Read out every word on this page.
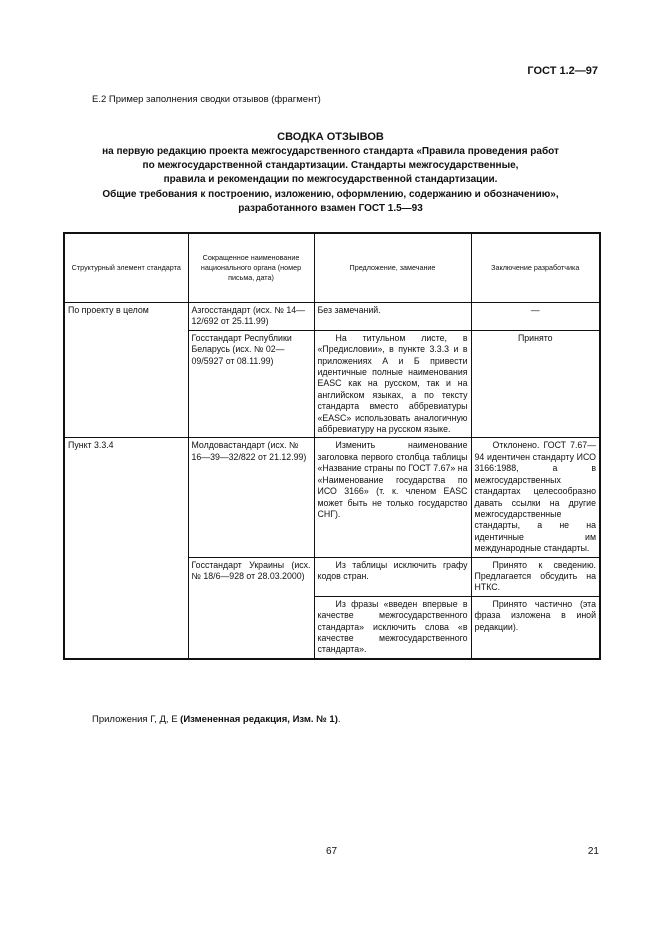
ГОСТ 1.2—97
Е.2 Пример заполнения сводки отзывов (фрагмент)
СВОДКА ОТЗЫВОВ
на первую редакцию проекта межгосударственного стандарта «Правила проведения работ
по межгосударственной стандартизации. Стандарты межгосударственные,
правила и рекомендации по межгосударственной стандартизации.
Общие требования к построению, изложению, оформлению, содержанию и обозначению»,
разработанного взамен ГОСТ 1.5—93
Структурный элемент стандарта	Сокращенное наименование национального органа (номер письма, дата)	Предложение, замечание	Заключение разработчика
По проекту в целом	Азгосстандарт (исх. № 14—12/692 от 25.11.99)	Без замечаний.	—
	Госстандарт Республики Беларусь (исх. № 02—09/5927 от 08.11.99)	На титульном листе, в «Предисловии», в пункте 3.3.3 и в приложениях А и Б привести идентичные полные наименования EASC как на русском, так и на английском языках, а по тексту стандарта вместо аббревиатуры «EASC» использовать аналогичную аббревиатуру на русском языке.	Принято
Пункт 3.3.4	Молдовастандарт (исх. № 16—39—32/822 от 21.12.99)	Изменить наименование заголовка первого столбца таблицы «Название страны по ГОСТ 7.67» на «Наименование государства по ИСО 3166» (т. к. членом EASC может быть не только государство СНГ).	Отклонено. ГОСТ 7.67—94 идентичен стандарту ИСО 3166:1988, а в межгосударственных стандартах целесообразно давать ссылки на другие межгосударственные стандарты, а не на идентичные им международные стандарты.
	Госстандарт Украины (исх. № 18/6—928 от 28.03.2000)	Из таблицы исключить графу кодов стран.	Принято к сведению. Предлагается обсудить на НТКС.
		Из фразы «введен впервые в качестве межгосударственного стандарта» исключить слова «в качестве межгосударственного стандарта».	Принято частично (эта фраза изложена в иной редакции).
Приложения Г, Д, Е (Измененная редакция, Изм. № 1).
67	21
